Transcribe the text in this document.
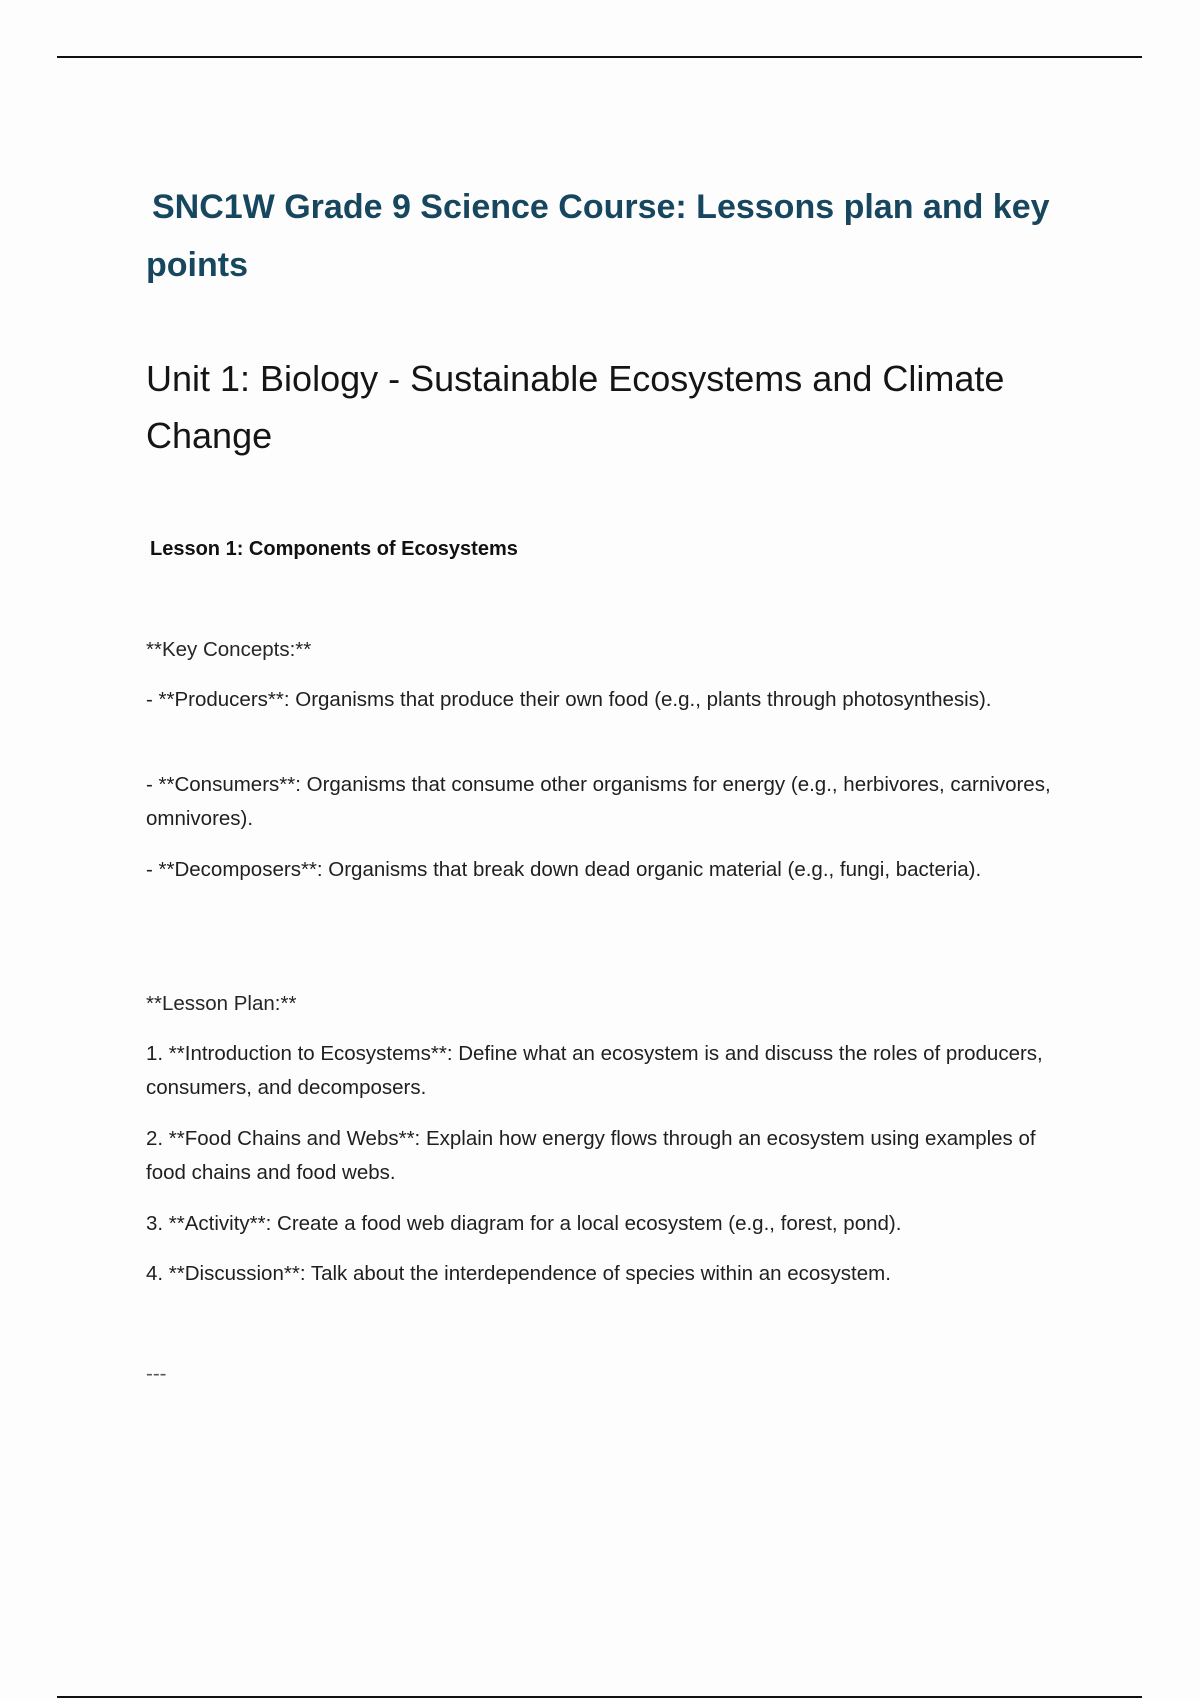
SNC1W Grade 9 Science Course: Lessons plan and key points
Unit 1: Biology - Sustainable Ecosystems and Climate Change
Lesson 1: Components of Ecosystems

**Key Concepts:**

- **Producers**: Organisms that produce their own food (e.g., plants through photosynthesis).

- **Consumers**: Organisms that consume other organisms for energy (e.g., herbivores, carnivores, omnivores).

- **Decomposers**: Organisms that break down dead organic material (e.g., fungi, bacteria).

**Lesson Plan:**

1. **Introduction to Ecosystems**: Define what an ecosystem is and discuss the roles of producers, consumers, and decomposers.

2. **Food Chains and Webs**: Explain how energy flows through an ecosystem using examples of food chains and food webs.

3. **Activity**: Create a food web diagram for a local ecosystem (e.g., forest, pond).

4. **Discussion**: Talk about the interdependence of species within an ecosystem.

---
